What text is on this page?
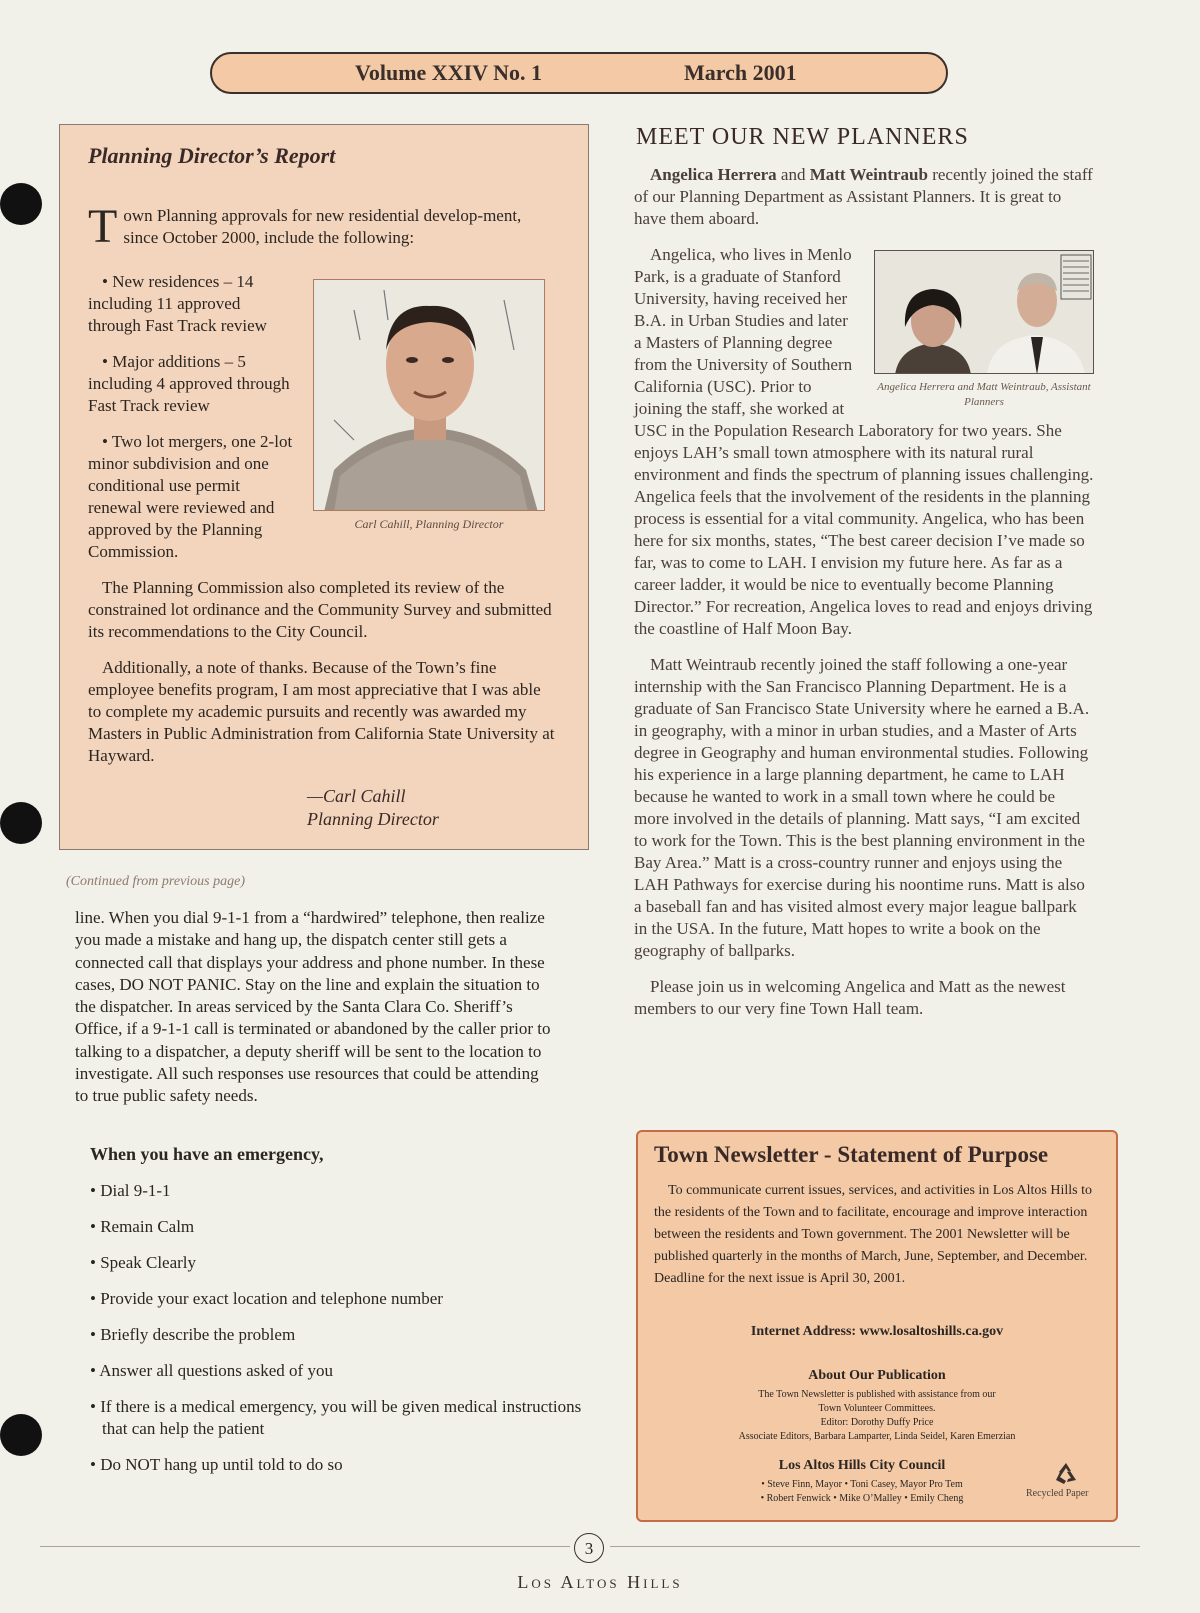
Volume XXIV No. 1	March 2001
Planning Director’s Report
T own Planning approvals for new residential develop-ment, since October 2000, include the following:

• New residences – 14 including 11 approved through Fast Track review

• Major additions – 5 including 4 approved through Fast Track review

• Two lot mergers, one 2-lot minor subdivision and one conditional use permit renewal were reviewed and approved by the Planning Commission.

Carl Cahill, Planning Director

The Planning Commission also completed its review of the constrained lot ordinance and the Community Survey and submitted its recommendations to the City Council.

Additionally, a note of thanks. Because of the Town’s fine employee benefits program, I am most appreciative that I was able to complete my academic pursuits and recently was awarded my Masters in Public Administration from California State University at Hayward.

—Carl Cahill
Planning Director
(Continued from previous page)
line. When you dial 9-1-1 from a “hardwired” telephone, then realize you made a mistake and hang up, the dispatch center still gets a connected call that displays your address and phone number. In these cases, DO NOT PANIC. Stay on the line and explain the situation to the dispatcher. In areas serviced by the Santa Clara Co. Sheriff’s Office, if a 9-1-1 call is terminated or abandoned by the caller prior to talking to a dispatcher, a deputy sheriff will be sent to the location to investigate. All such responses use resources that could be attending to true public safety needs.
When you have an emergency,
• Dial 9-1-1
• Remain Calm
• Speak Clearly
• Provide your exact location and telephone number
• Briefly describe the problem
• Answer all questions asked of you
• If there is a medical emergency, you will be given medical instructions that can help the patient
• Do NOT hang up until told to do so
MEET OUR NEW PLANNERS

Angelica Herrera and Matt Weintraub recently joined the staff of our Planning Department as Assistant Planners. It is great to have them aboard.

Angelica Herrera and Matt Weintraub, Assistant Planners

Angelica, who lives in Menlo Park, is a graduate of Stanford University, having received her B.A. in Urban Studies and later a Masters of Planning degree from the University of Southern California (USC). Prior to joining the staff, she worked at USC in the Population Research Laboratory for two years. She enjoys LAH’s small town atmosphere with its natural rural environment and finds the spectrum of planning issues challenging. Angelica feels that the involvement of the residents in the planning process is essential for a vital community. Angelica, who has been here for six months, states, “The best career decision I’ve made so far, was to come to LAH. I envision my future here. As far as a career ladder, it would be nice to eventually become Planning Director.” For recreation, Angelica loves to read and enjoys driving the coastline of Half Moon Bay.

Matt Weintraub recently joined the staff following a one-year internship with the San Francisco Planning Department. He is a graduate of San Francisco State University where he earned a B.A. in geography, with a minor in urban studies, and a Master of Arts degree in Geography and human environmental studies. Following his experience in a large planning department, he came to LAH because he wanted to work in a small town where he could be more involved in the details of planning. Matt says, “I am excited to work for the Town. This is the best planning environment in the Bay Area.” Matt is a cross-country runner and enjoys using the LAH Pathways for exercise during his noontime runs. Matt is also a baseball fan and has visited almost every major league ballpark in the USA. In the future, Matt hopes to write a book on the geography of ballparks.

Please join us in welcoming Angelica and Matt as the newest members to our very fine Town Hall team.

Town Newsletter - Statement of Purpose
To communicate current issues, services, and activities in Los Altos Hills to the residents of the Town and to facilitate, encourage and improve interaction between the residents and Town government. The 2001 Newsletter will be published quarterly in the months of March, June, September, and December. Deadline for the next issue is April 30, 2001.
Internet Address: www.losaltoshills.ca.gov
About Our Publication
The Town Newsletter is published with assistance from our
Town Volunteer Committees.
Editor: Dorothy Duffy Price
Associate Editors, Barbara Lamparter, Linda Seidel, Karen Emerzian
Los Altos Hills City Council
• Steve Finn, Mayor • Toni Casey, Mayor Pro Tem
• Robert Fenwick • Mike O’Malley • Emily Cheng	Recycled Paper
3
Los Altos Hills
